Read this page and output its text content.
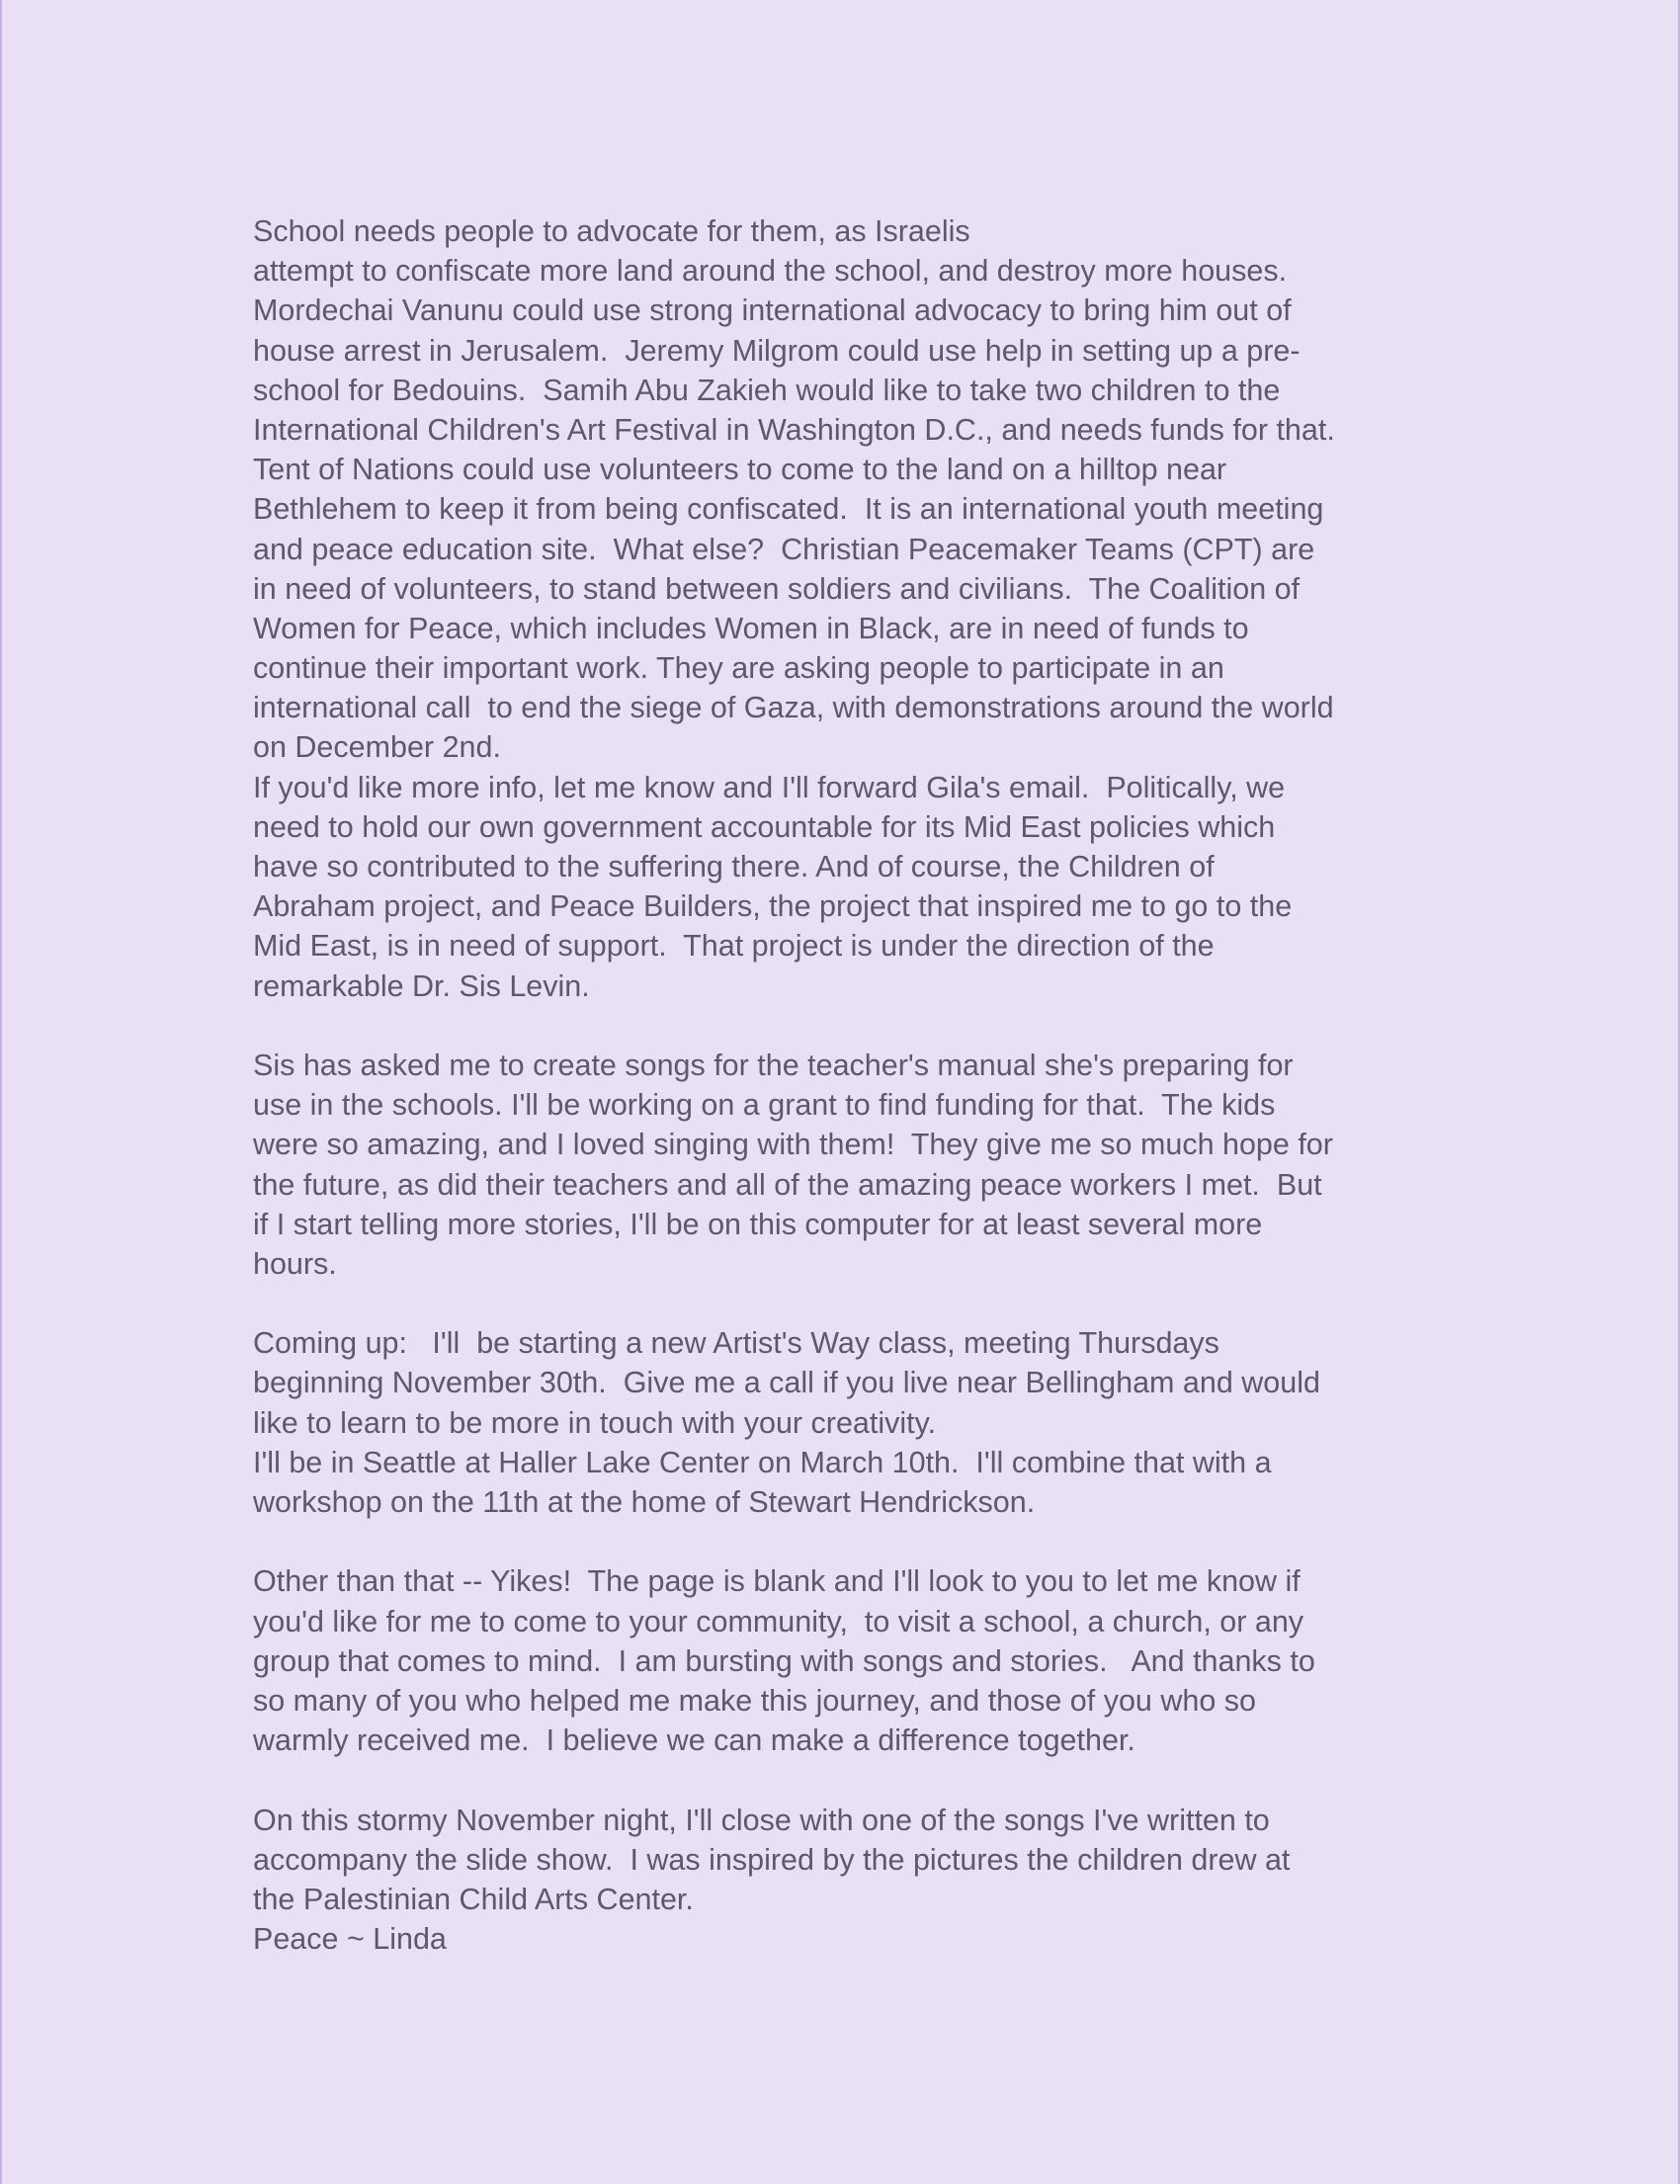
School needs people to advocate for them, as Israelis
attempt to confiscate more land around the school, and destroy more houses.
Mordechai Vanunu could use strong international advocacy to bring him out of
house arrest in Jerusalem.  Jeremy Milgrom could use help in setting up a pre-
school for Bedouins.  Samih Abu Zakieh would like to take two children to the
International Children's Art Festival in Washington D.C., and needs funds for that.
Tent of Nations could use volunteers to come to the land on a hilltop near
Bethlehem to keep it from being confiscated.  It is an international youth meeting
and peace education site.  What else?  Christian Peacemaker Teams (CPT) are
in need of volunteers, to stand between soldiers and civilians.  The Coalition of
Women for Peace, which includes Women in Black, are in need of funds to
continue their important work. They are asking people to participate in an
international call  to end the siege of Gaza, with demonstrations around the world
on December 2nd.
If you'd like more info, let me know and I'll forward Gila's email.  Politically, we
need to hold our own government accountable for its Mid East policies which
have so contributed to the suffering there. And of course, the Children of
Abraham project, and Peace Builders, the project that inspired me to go to the
Mid East, is in need of support.  That project is under the direction of the
remarkable Dr. Sis Levin.
Sis has asked me to create songs for the teacher's manual she's preparing for
use in the schools. I'll be working on a grant to find funding for that.  The kids
were so amazing, and I loved singing with them!  They give me so much hope for
the future, as did their teachers and all of the amazing peace workers I met.  But
if I start telling more stories, I'll be on this computer for at least several more
hours.
Coming up:   I'll  be starting a new Artist's Way class, meeting Thursdays
beginning November 30th.  Give me a call if you live near Bellingham and would
like to learn to be more in touch with your creativity.
I'll be in Seattle at Haller Lake Center on March 10th.  I'll combine that with a
workshop on the 11th at the home of Stewart Hendrickson.
Other than that -- Yikes!  The page is blank and I'll look to you to let me know if
you'd like for me to come to your community,  to visit a school, a church, or any
group that comes to mind.  I am bursting with songs and stories.   And thanks to
so many of you who helped me make this journey, and those of you who so
warmly received me.  I believe we can make a difference together.
On this stormy November night, I'll close with one of the songs I've written to
accompany the slide show.  I was inspired by the pictures the children drew at
the Palestinian Child Arts Center.
Peace ~ Linda
